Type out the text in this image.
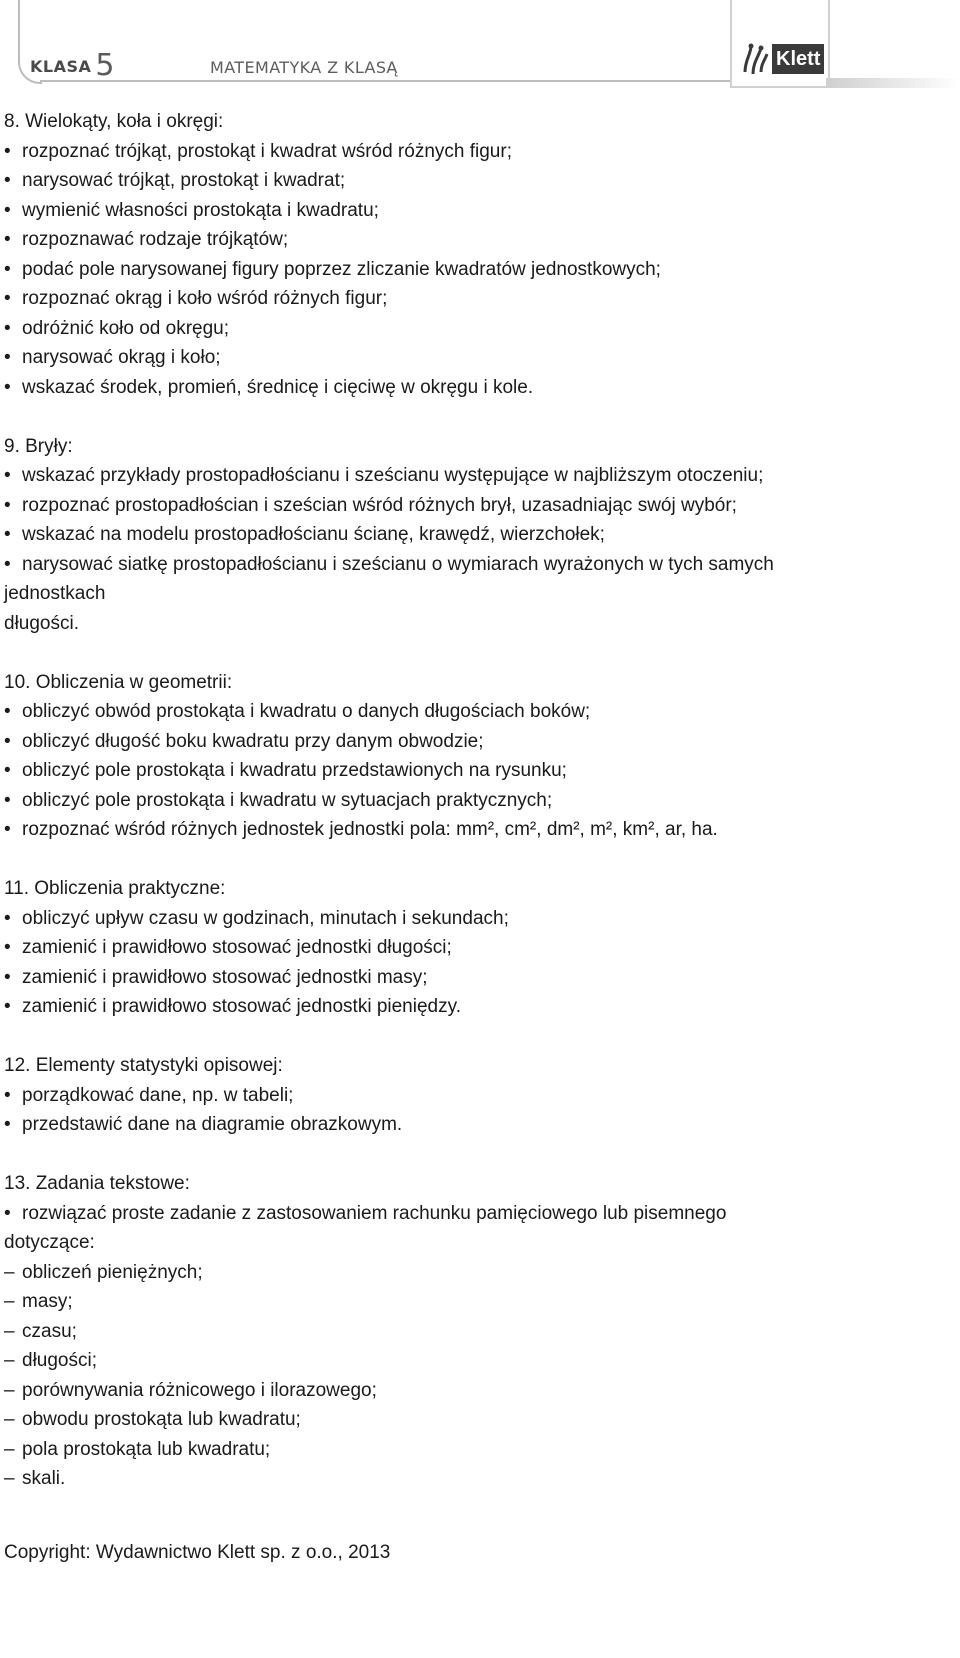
KLASA 5	MATEMATYKA Z KLASĄ	Klett
8. Wielokąty, koła i okręgi:
•
rozpoznać trójkąt, prostokąt i kwadrat wśród różnych figur;
•
narysować trójkąt, prostokąt i kwadrat;
•
wymienić własności prostokąta i kwadratu;
•
rozpoznawać rodzaje trójkątów;
•
podać pole narysowanej figury poprzez zliczanie kwadratów jednostkowych;
•
rozpoznać okrąg i koło wśród różnych figur;
•
odróżnić koło od okręgu;
•
narysować okrąg i koło;
•
wskazać środek, promień, średnicę i cięciwę w okręgu i kole.
9. Bryły:
•
wskazać przykłady prostopadłościanu i sześcianu występujące w najbliższym otoczeniu;
•
rozpoznać prostopadłościan i sześcian wśród różnych brył, uzasadniając swój wybór;
•
wskazać na modelu prostopadłościanu ścianę, krawędź, wierzchołek;
•
narysować siatkę prostopadłościanu i sześcianu o wymiarach wyrażonych w tych samych
jednostkach
długości.
10. Obliczenia w geometrii:
•
obliczyć obwód prostokąta i kwadratu o danych długościach boków;
•
obliczyć długość boku kwadratu przy danym obwodzie;
•
obliczyć pole prostokąta i kwadratu przedstawionych na rysunku;
•
obliczyć pole prostokąta i kwadratu w sytuacjach praktycznych;
•
rozpoznać wśród różnych jednostek jednostki pola: mm², cm², dm², m², km², ar, ha.
11. Obliczenia praktyczne:
•
obliczyć upływ czasu w godzinach, minutach i sekundach;
•
zamienić i prawidłowo stosować jednostki długości;
•
zamienić i prawidłowo stosować jednostki masy;
•
zamienić i prawidłowo stosować jednostki pieniędzy.
12. Elementy statystyki opisowej:
•
porządkować dane, np. w tabeli;
•
przedstawić dane na diagramie obrazkowym.
13. Zadania tekstowe:
•
rozwiązać proste zadanie z zastosowaniem rachunku pamięciowego lub pisemnego
dotyczące:
–
obliczeń pieniężnych;
–
masy;
–
czasu;
–
długości;
–
porównywania różnicowego i ilorazowego;
–
obwodu prostokąta lub kwadratu;
–
pola prostokąta lub kwadratu;
–
skali.
Copyright: Wydawnictwo Klett sp. z o.o., 2013
